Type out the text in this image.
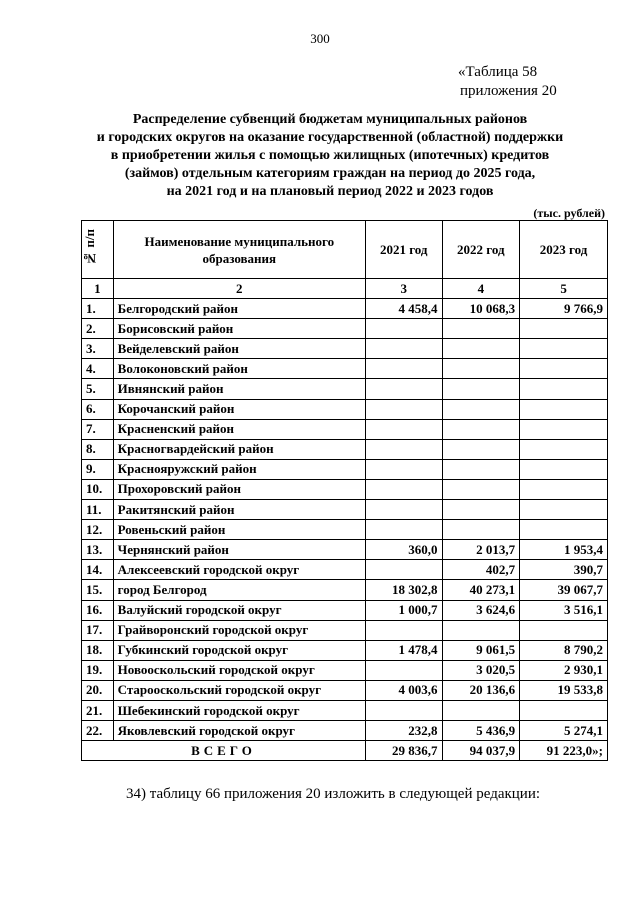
300
«Таблица 58
приложения 20
Распределение субвенций бюджетам муниципальных районов
и городских округов на оказание государственной (областной) поддержки
в приобретении жилья с помощью жилищных (ипотечных) кредитов
(займов) отдельным категориям граждан на период до 2025 года,
на 2021 год и на плановый период 2022 и 2023 годов
(тыс. рублей)
№ п/п	Наименование муниципального образования	2021 год	2022 год	2023 год
1	2	3	4	5
1.	Белгородский район	4 458,4	10 068,3	9 766,9
2.	Борисовский район			
3.	Вейделевский район			
4.	Волоконовский район			
5.	Ивнянский район			
6.	Корочанский район			
7.	Красненский район			
8.	Красногвардейский район			
9.	Краснояружский район			
10.	Прохоровский район			
11.	Ракитянский район			
12.	Ровеньский район			
13.	Чернянский район	360,0	2 013,7	1 953,4
14.	Алексеевский городской округ		402,7	390,7
15.	город Белгород	18 302,8	40 273,1	39 067,7
16.	Валуйский городской округ	1 000,7	3 624,6	3 516,1
17.	Грайворонский городской округ			
18.	Губкинский городской округ	1 478,4	9 061,5	8 790,2
19.	Новооскольский городской округ		3 020,5	2 930,1
20.	Старооскольский городской округ	4 003,6	20 136,6	19 533,8
21.	Шебекинский городской округ			
22.	Яковлевский городской округ	232,8	5 436,9	5 274,1
ВСЕГО		29 836,7	94 037,9	91 223,0»;
34) таблицу 66 приложения 20 изложить в следующей редакции:
